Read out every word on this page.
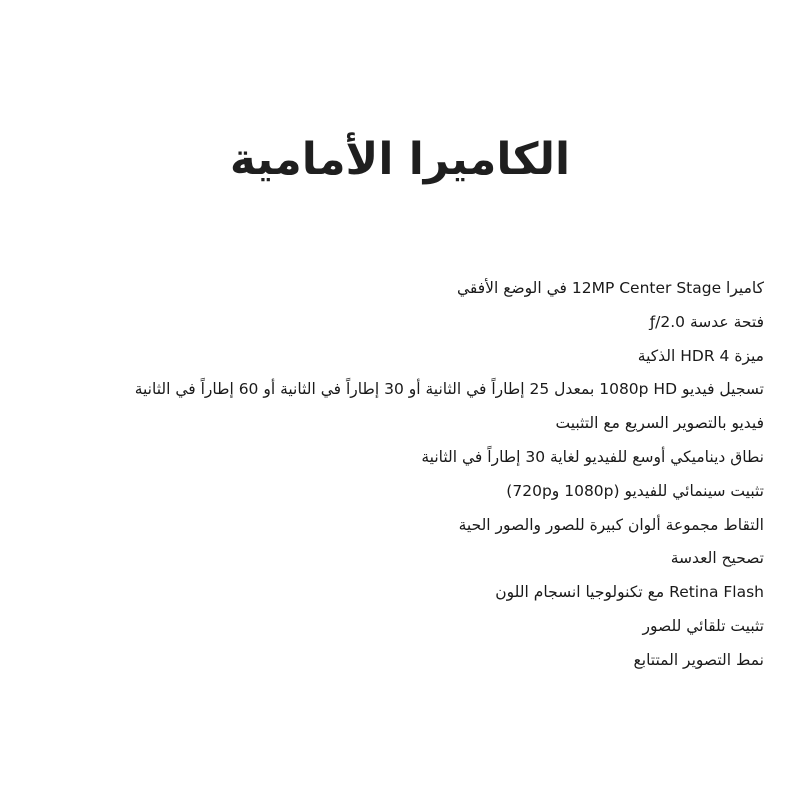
الكاميرا الأمامية
كاميرا 12MP Center Stage في الوضع الأفقي
فتحة عدسة ƒ/2.0
ميزة HDR 4 الذكية
تسجيل فيديو 1080p HD بمعدل 25 إطاراً في الثانية أو 30 إطاراً في الثانية أو 60 إطاراً في الثانية
فيديو بالتصوير السريع مع التثبيت
نطاق ديناميكي أوسع للفيديو لغاية 30 إطاراً في الثانية
تثبيت سينمائي للفيديو (1080p و720p)
التقاط مجموعة ألوان كبيرة للصور والصور الحية
تصحيح العدسة
Retina Flash مع تكنولوجيا انسجام اللون
تثبيت تلقائي للصور
نمط التصوير المتتابع
